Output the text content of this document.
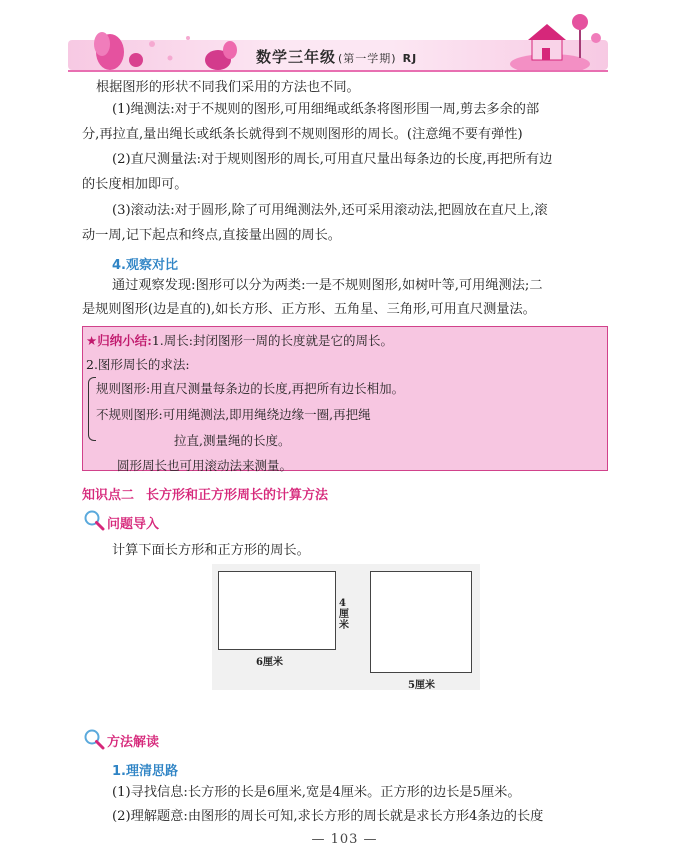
数学三年级 (第一学期) RJ
根据图形的形状不同我们采用的方法也不同。
(1)绳测法:对于不规则的图形,可用细绳或纸条将图形围一周,剪去多余的部
分,再拉直,量出绳长或纸条长就得到不规则图形的周长。(注意绳不要有弹性)
(2)直尺测量法:对于规则图形的周长,可用直尺量出每条边的长度,再把所有边
的长度相加即可。
(3)滚动法:对于圆形,除了可用绳测法外,还可采用滚动法,把圆放在直尺上,滚
动一周,记下起点和终点,直接量出圆的周长。
4.观察对比
通过观察发现:图形可以分为两类:一是不规则图形,如树叶等,可用绳测法;二
是规则图形(边是直的),如长方形、正方形、五角星、三角形,可用直尺测量法。
★归纳小结:1.周长:封闭图形一周的长度就是它的周长。
2.图形周长的求法:
规则图形:用直尺测量每条边的长度,再把所有边长相加。
不规则图形:可用绳测法,即用绳绕边缘一圈,再把绳
拉直,测量绳的长度。
圆形周长也可用滚动法来测量。
知识点二 长方形和正方形周长的计算方法
问题导入
计算下面长方形和正方形的周长。
6厘米
4厘米
5厘米
方法解读
1.理清思路
(1)寻找信息:长方形的长是6厘米,宽是4厘米。正方形的边长是5厘米。
(2)理解题意:由图形的周长可知,求长方形的周长就是求长方形4条边的长度
— 103 —
